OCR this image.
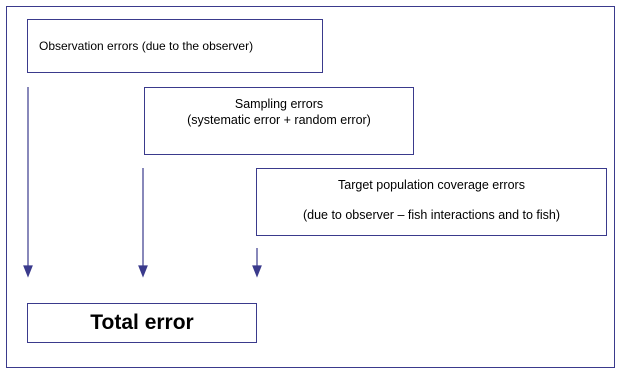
Observation errors (due to the observer)
Sampling errors
(systematic error + random error)
Target population coverage errors
(due to observer – fish interactions and to fish)
Total error
